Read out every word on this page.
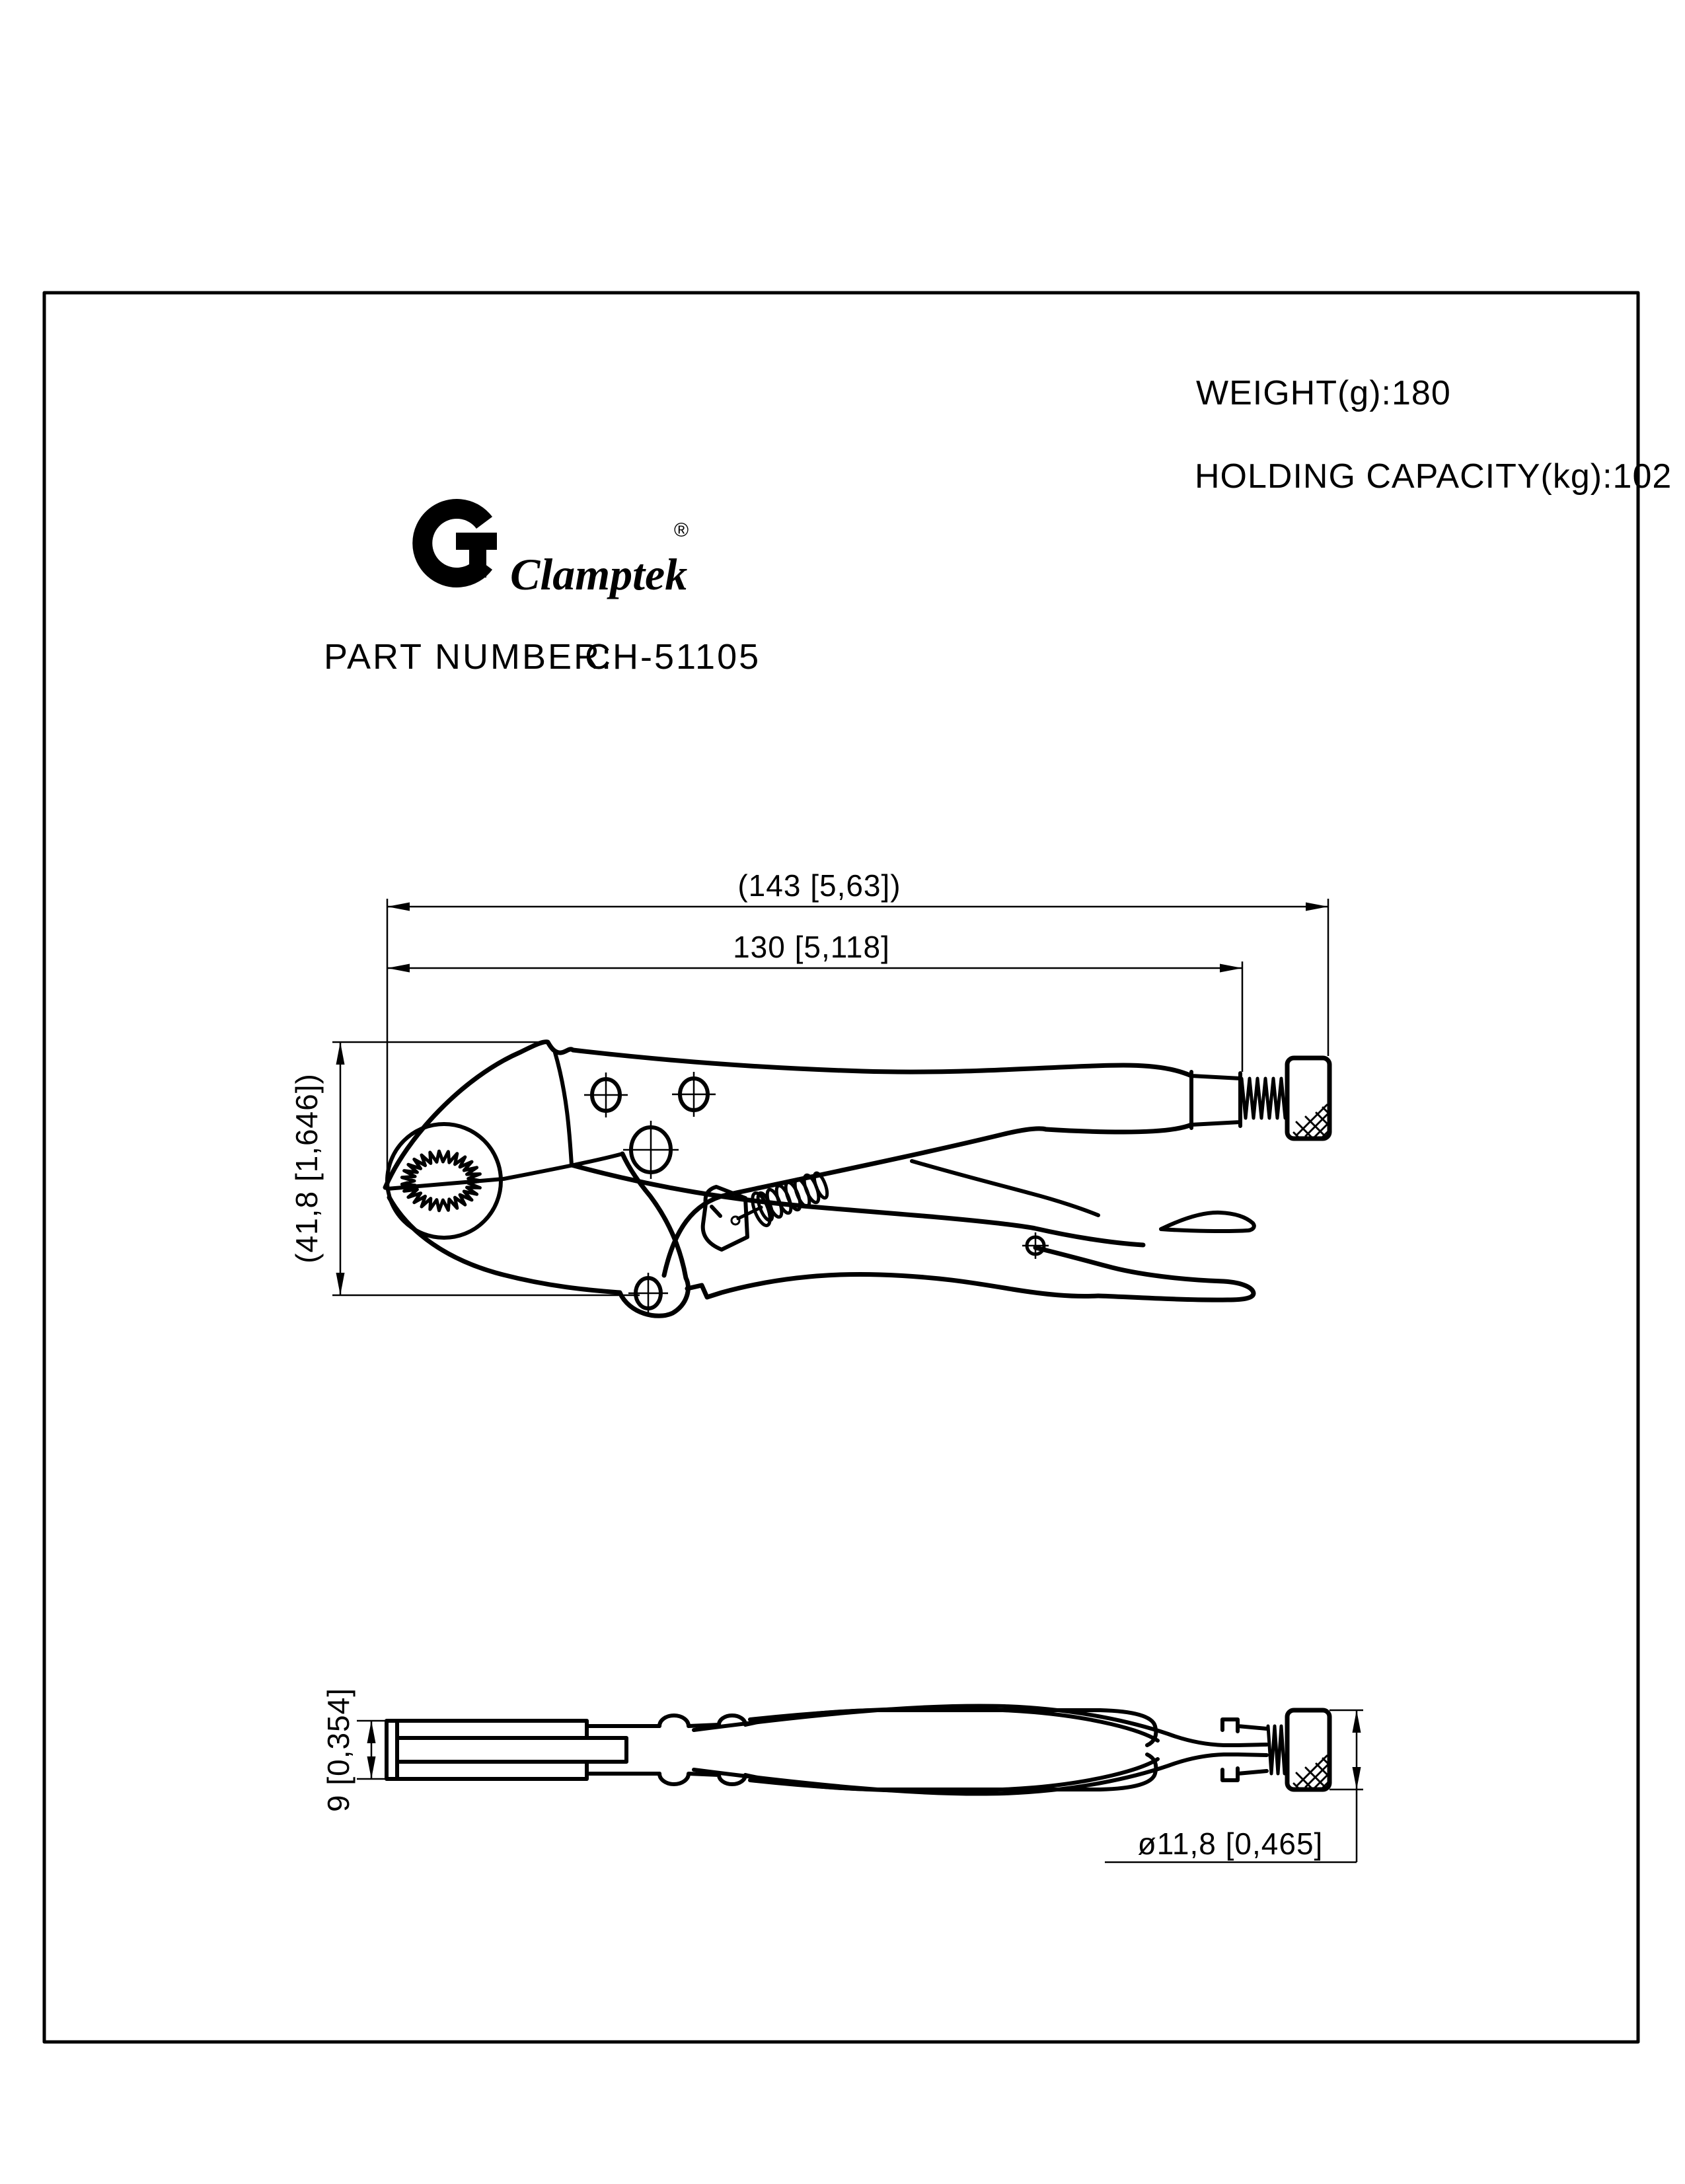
WEIGHT(g):180
HOLDING CAPACITY(kg):102
Clamptek
®
PART NUMBER:
CH-51105
(143 [5,63])
130 [5,118]
(41,8 [1,646])
9 [0,354]
ø11,8 [0,465]
